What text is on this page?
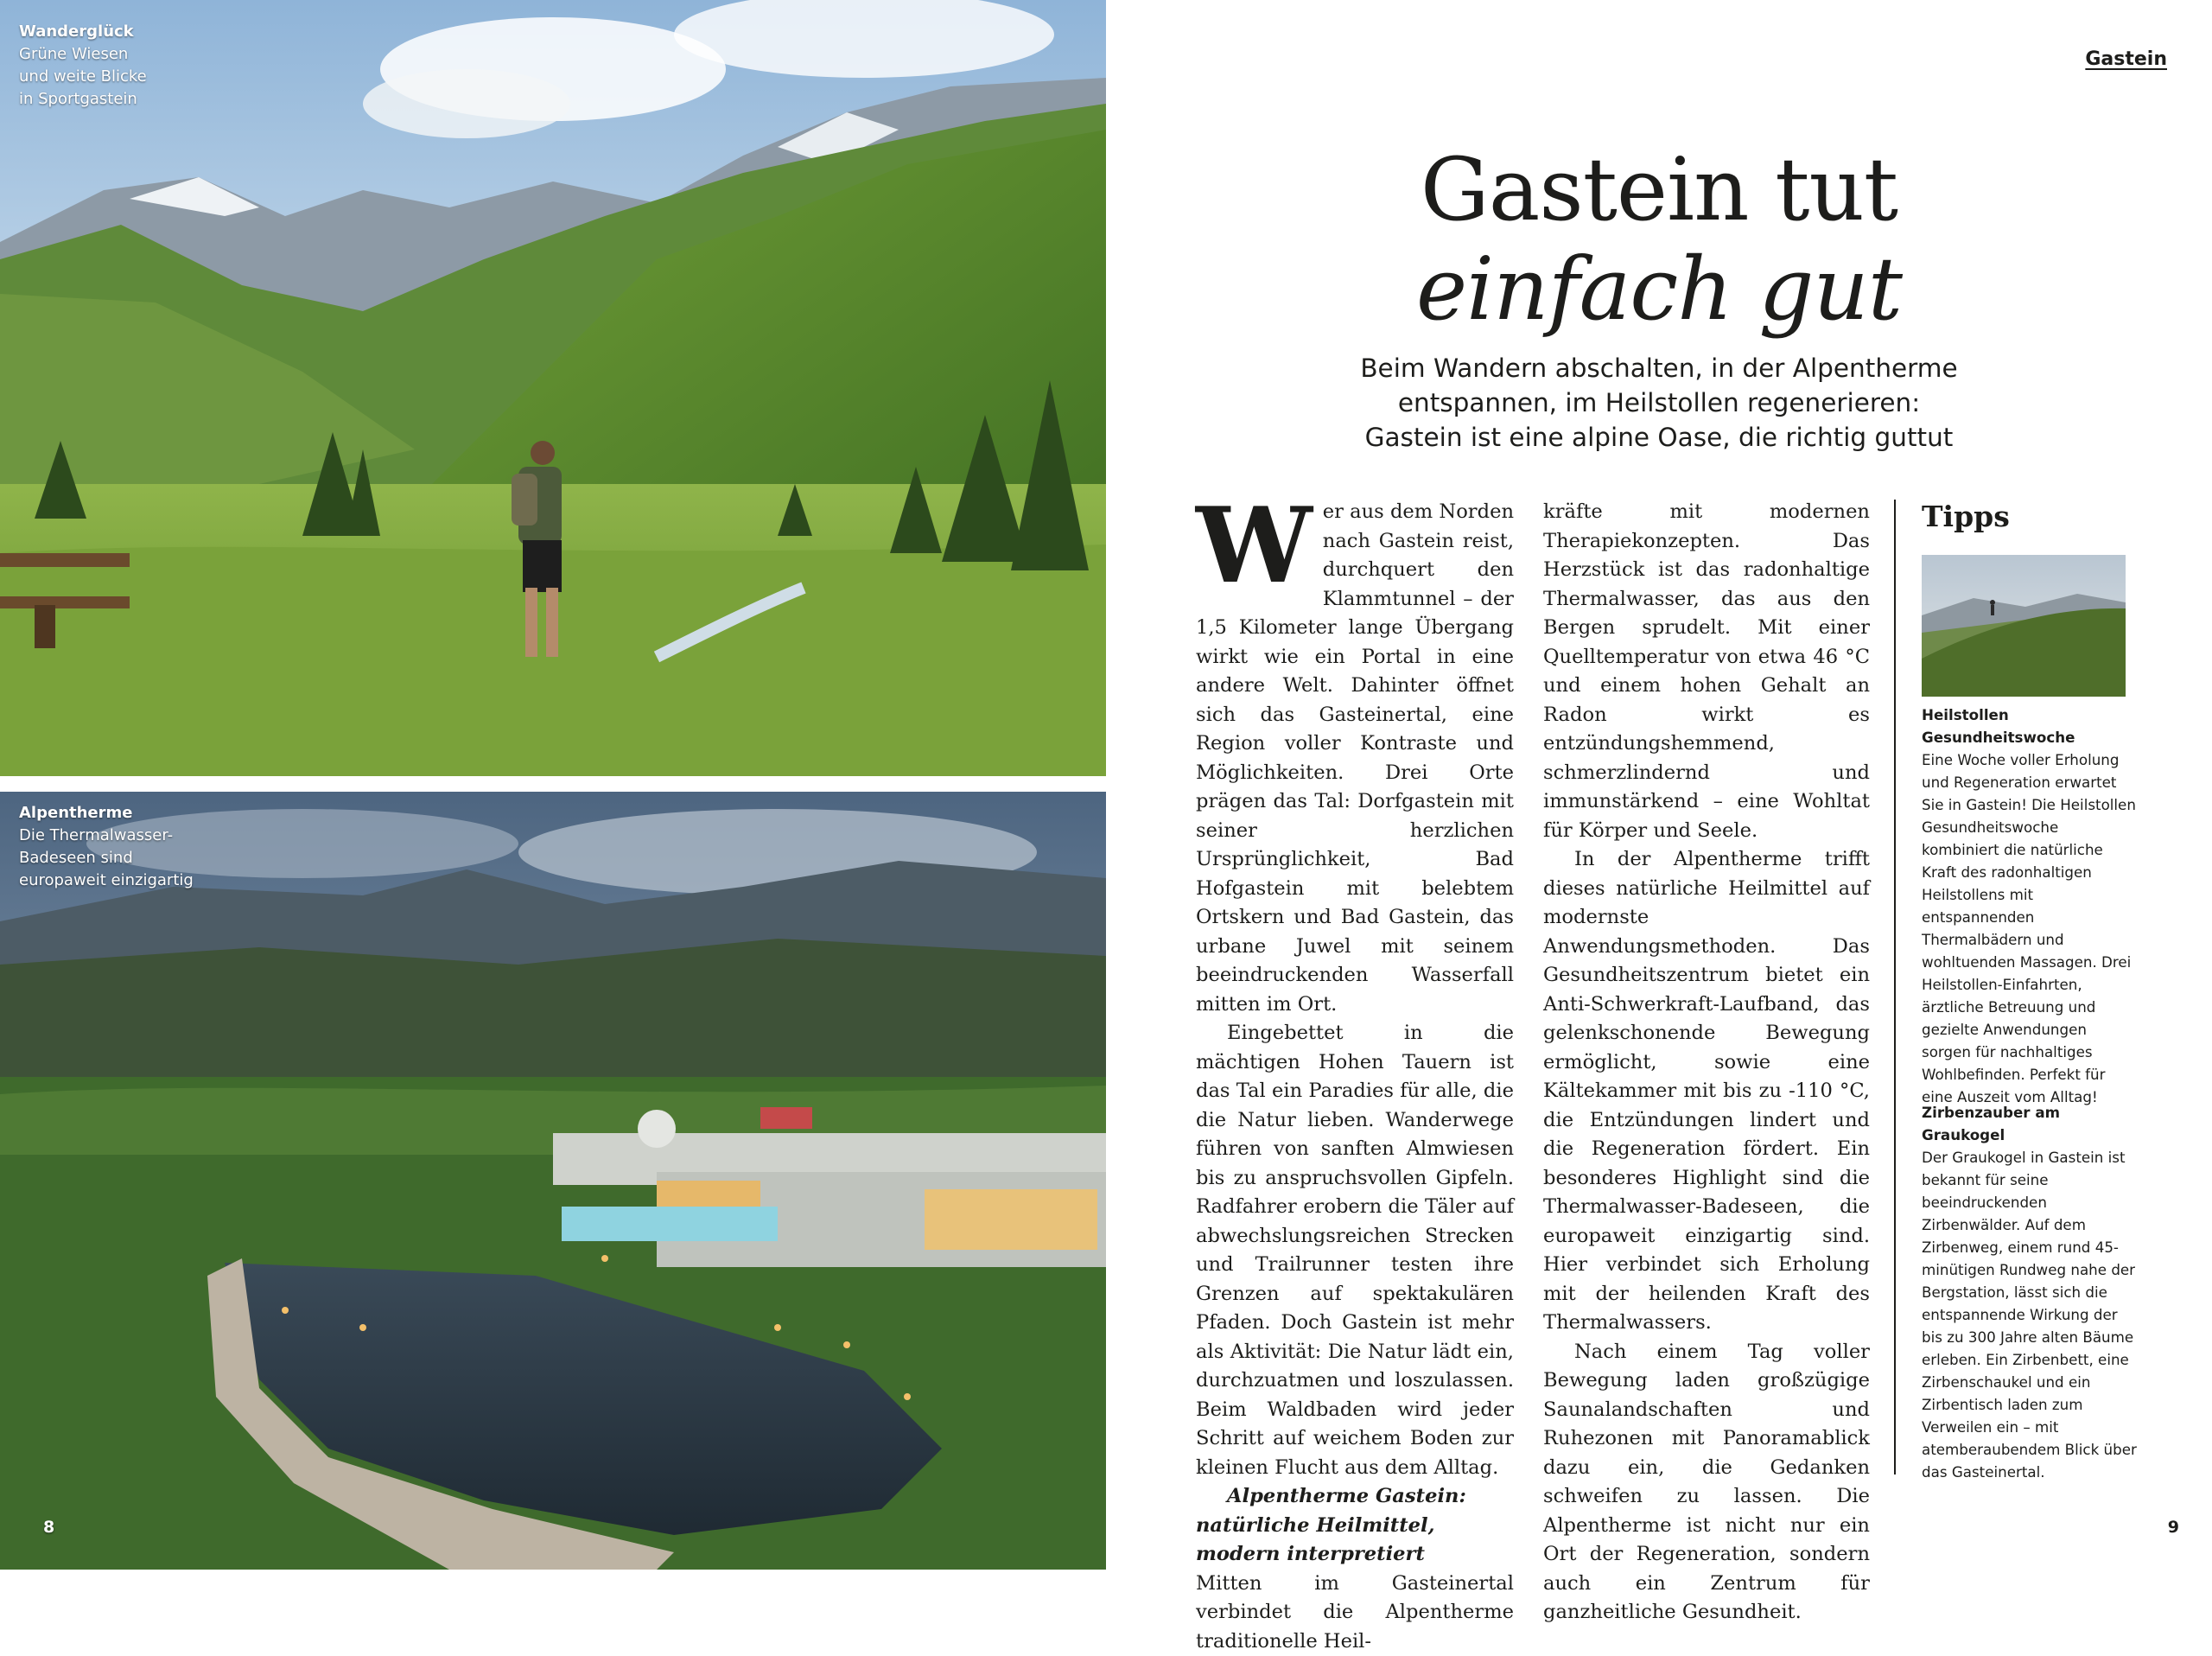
Wanderglück
Grüne Wiesen
und weite Blicke
in Sportgastein
Alpentherme
Die Thermalwasser-
Badeseen sind
europaweit einzigartig
8
Gastein
Gastein tut
einfach gut
Beim Wandern abschalten, in der Alpentherme
entspannen, im Heilstollen regenerieren:
Gastein ist eine alpine Oase, die richtig guttut

Wer aus dem Norden nach Gastein reist, durchquert den Klammtunnel – der 1,5 Kilometer lange Übergang wirkt wie ein Portal in eine andere Welt. Dahinter öffnet sich das Gasteinertal, eine Region voller Kontraste und Möglichkeiten. Drei Orte prägen das Tal: Dorfgastein mit seiner herzlichen Ursprünglichkeit, Bad Hofgastein mit belebtem Ortskern und Bad Gastein, das urbane Juwel mit seinem beeindruckenden Wasserfall mitten im Ort.

Eingebettet in die mächtigen Hohen Tauern ist das Tal ein Paradies für alle, die die Natur lieben. Wanderwege führen von sanften Almwiesen bis zu anspruchsvollen Gipfeln. Radfahrer erobern die Täler auf abwechslungsreichen Strecken und Trailrunner testen ihre Grenzen auf spektakulären Pfaden. Doch Gastein ist mehr als Aktivität: Die Natur lädt ein, durchzuatmen und loszulassen. Beim Waldbaden wird jeder Schritt auf weichem Boden zur kleinen Flucht aus dem Alltag.

Alpentherme Gastein: natürliche Heilmittel, modern interpretiert

Mitten im Gasteinertal verbindet die Alpentherme traditionelle Heil-

kräfte mit modernen Therapiekonzepten. Das Herzstück ist das radonhaltige Thermalwasser, das aus den Bergen sprudelt. Mit einer Quelltemperatur von etwa 46 °C und einem hohen Gehalt an Radon wirkt es entzündungshemmend, schmerzlindernd und immunstärkend – eine Wohltat für Körper und Seele.

In der Alpentherme trifft dieses natürliche Heilmittel auf modernste Anwendungsmethoden. Das Gesundheitszentrum bietet ein Anti-Schwerkraft-Laufband, das gelenkschonende Bewegung ermöglicht, sowie eine Kältekammer mit bis zu -110 °C, die Entzündungen lindert und die Regeneration fördert. Ein besonderes Highlight sind die Thermalwasser-Badeseen, die europaweit einzigartig sind. Hier verbindet sich Erholung mit der heilenden Kraft des Thermalwassers.

Nach einem Tag voller Bewegung laden großzügige Saunalandschaften und Ruhezonen mit Panoramablick dazu ein, die Gedanken schweifen zu lassen. Die Alpentherme ist nicht nur ein Ort der Regeneration, sondern auch ein Zentrum für ganzheitliche Gesundheit.

Tipps
Heilstollen Gesundheitswoche
Eine Woche voller Erholung und Regeneration erwartet Sie in Gastein! Die Heilstollen Gesundheitswoche kombiniert die natürliche Kraft des radonhaltigen Heilstollens mit entspannenden Thermalbädern und wohltuenden Massagen. Drei Heilstollen-Einfahrten, ärztliche Betreuung und gezielte Anwendungen sorgen für nachhaltiges Wohlbefinden. Perfekt für eine Auszeit vom Alltag!
Zirbenzauber am Graukogel
Der Graukogel in Gastein ist bekannt für seine beeindruckenden Zirbenwälder. Auf dem Zirbenweg, einem rund 45-minütigen Rundweg nahe der Bergstation, lässt sich die entspannende Wirkung der bis zu 300 Jahre alten Bäume erleben. Ein Zirbenbett, eine Zirbenschaukel und ein Zirbentisch laden zum Verweilen ein – mit atemberaubendem Blick über das Gasteinertal.
9
